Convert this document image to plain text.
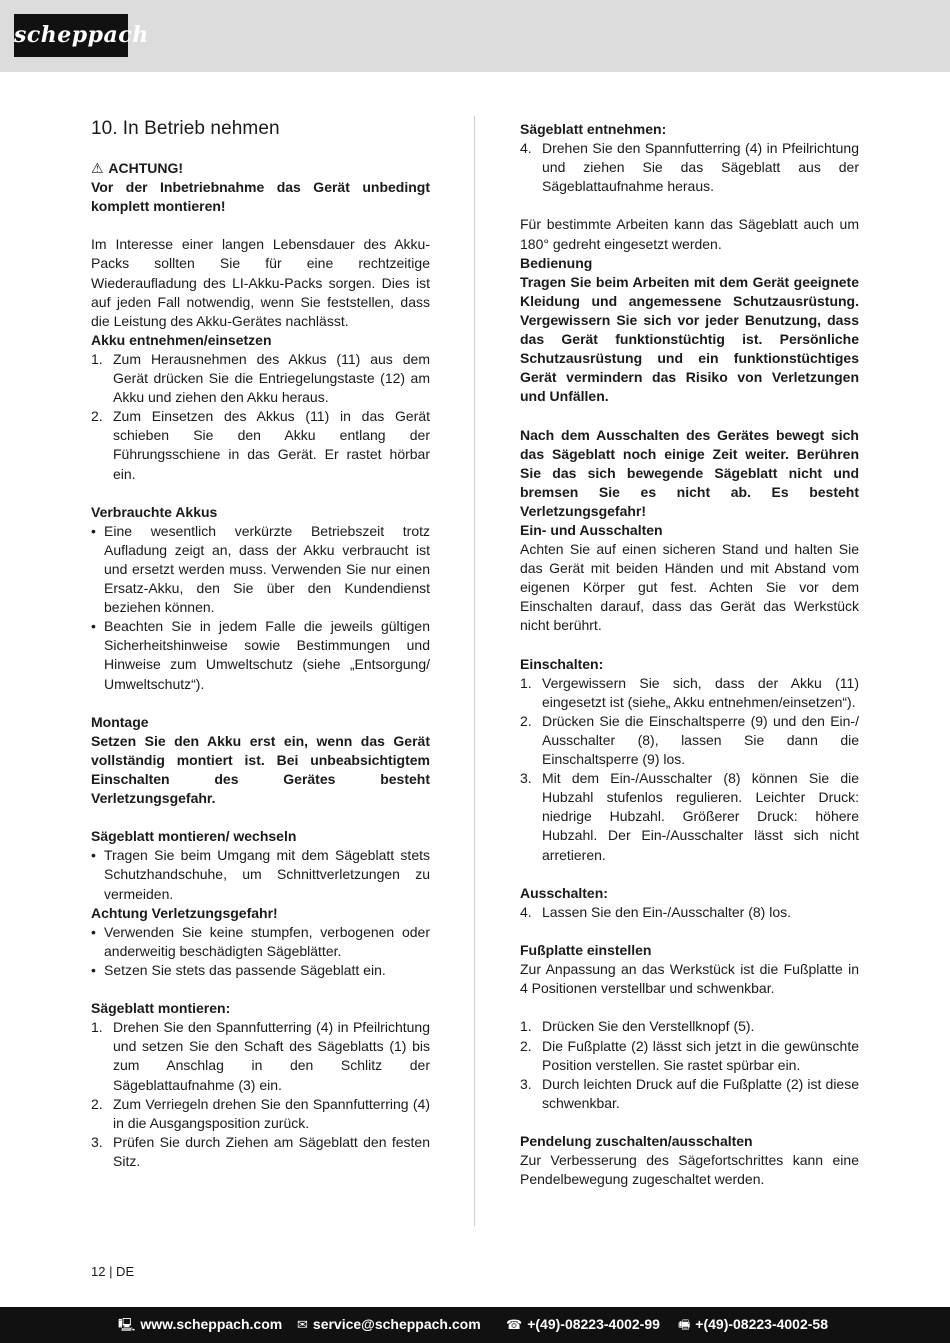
scheppach
10. In Betrieb nehmen

⚠ ACHTUNG!

Vor der Inbetriebnahme das Gerät unbedingt komplett montieren!

Im Interesse einer langen Lebensdauer des Akku-Packs sollten Sie für eine rechtzeitige Wiederaufladung des LI-Akku-Packs sorgen. Dies ist auf jeden Fall notwendig, wenn Sie feststellen, dass die Leistung des Akku-Gerätes nachlässt.

Akku entnehmen/einsetzen

1. Zum Herausnehmen des Akkus (11) aus dem Gerät drücken Sie die Entriegelungstaste (12) am Akku und ziehen den Akku heraus.
2. Zum Einsetzen des Akkus (11) in das Gerät schieben Sie den Akku entlang der Führungsschiene in das Gerät. Er rastet hörbar ein.

Verbrauchte Akkus

• Eine wesentlich verkürzte Betriebszeit trotz Aufladung zeigt an, dass der Akku verbraucht ist und ersetzt werden muss. Verwenden Sie nur einen Ersatz-Akku, den Sie über den Kundendienst beziehen können.
• Beachten Sie in jedem Falle die jeweils gültigen Sicherheitshinweise sowie Bestimmungen und Hinweise zum Umweltschutz (siehe „Entsorgung/ Umweltschutz“).

Montage

Setzen Sie den Akku erst ein, wenn das Gerät vollständig montiert ist. Bei unbeabsichtigtem Einschalten des Gerätes besteht Verletzungsgefahr.

Sägeblatt montieren/ wechseln

• Tragen Sie beim Umgang mit dem Sägeblatt stets Schutzhandschuhe, um Schnittverletzungen zu vermeiden.

Achtung Verletzungsgefahr!

• Verwenden Sie keine stumpfen, verbogenen oder anderweitig beschädigten Sägeblätter.
• Setzen Sie stets das passende Sägeblatt ein.

Sägeblatt montieren:

1. Drehen Sie den Spannfutterring (4) in Pfeilrichtung und setzen Sie den Schaft des Sägeblatts (1) bis zum Anschlag in den Schlitz der Sägeblattaufnahme (3) ein.
2. Zum Verriegeln drehen Sie den Spannfutterring (4) in die Ausgangsposition zurück.
3. Prüfen Sie durch Ziehen am Sägeblatt den festen Sitz.

Sägeblatt entnehmen:

4. Drehen Sie den Spannfutterring (4) in Pfeilrichtung und ziehen Sie das Sägeblatt aus der Sägeblattaufnahme heraus.

Für bestimmte Arbeiten kann das Sägeblatt auch um 180° gedreht eingesetzt werden.

Bedienung

Tragen Sie beim Arbeiten mit dem Gerät geeignete Kleidung und angemessene Schutzausrüstung. Vergewissern Sie sich vor jeder Benutzung, dass das Gerät funktionstüchtig ist. Persönliche Schutzausrüstung und ein funktionstüchtiges Gerät vermindern das Risiko von Verletzungen und Unfällen.

Nach dem Ausschalten des Gerätes bewegt sich das Sägeblatt noch einige Zeit weiter. Berühren Sie das sich bewegende Sägeblatt nicht und bremsen Sie es nicht ab. Es besteht Verletzungsgefahr!

Ein- und Ausschalten

Achten Sie auf einen sicheren Stand und halten Sie das Gerät mit beiden Händen und mit Abstand vom eigenen Körper gut fest. Achten Sie vor dem Einschalten darauf, dass das Gerät das Werkstück nicht berührt.

Einschalten:

1. Vergewissern Sie sich, dass der Akku (11) eingesetzt ist (siehe„ Akku entnehmen/einsetzen“).
2. Drücken Sie die Einschaltsperre (9) und den Ein-/ Ausschalter (8), lassen Sie dann die Einschaltsperre (9) los.
3. Mit dem Ein-/Ausschalter (8) können Sie die Hubzahl stufenlos regulieren. Leichter Druck: niedrige Hubzahl. Größerer Druck: höhere Hubzahl. Der Ein-/Ausschalter lässt sich nicht arretieren.

Ausschalten:

4. Lassen Sie den Ein-/Ausschalter (8) los.

Fußplatte einstellen

Zur Anpassung an das Werkstück ist die Fußplatte in 4 Positionen verstellbar und schwenkbar.

1. Drücken Sie den Verstellknopf (5).
2. Die Fußplatte (2) lässt sich jetzt in die gewünschte Position verstellen. Sie rastet spürbar ein.
3. Durch leichten Druck auf die Fußplatte (2) ist diese schwenkbar.

Pendelung zuschalten/ausschalten

Zur Verbesserung des Sägefortschrittes kann eine Pendelbewegung zugeschaltet werden.

12 | DE
🖳 www.scheppach.com ✉ service@scheppach.com ☎ +(49)-08223-4002-99 🖷 +(49)-08223-4002-58
